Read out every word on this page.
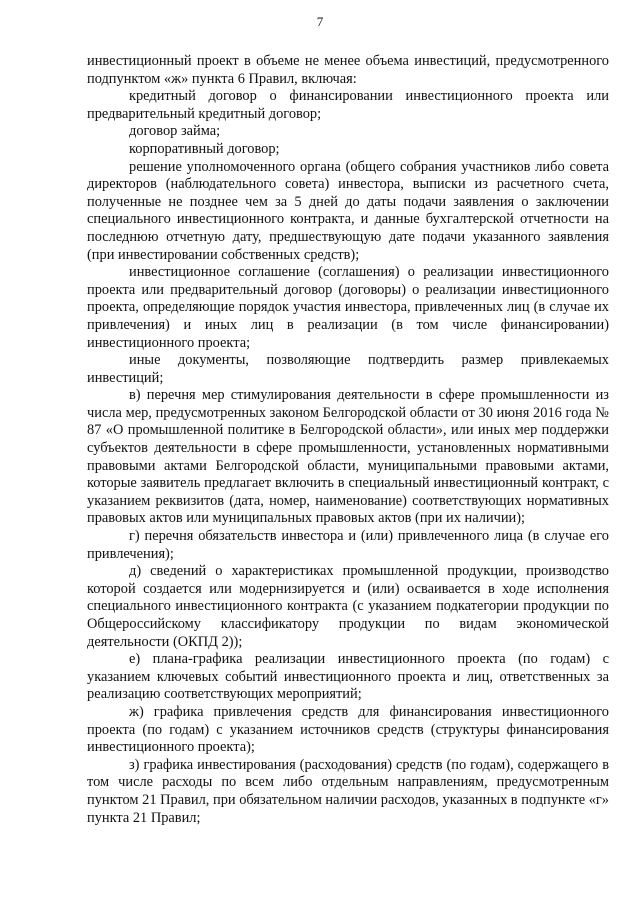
7

инвестиционный проект в объеме не менее объема инвестиций, предусмотренного подпунктом «ж» пункта 6 Правил, включая:

кредитный договор о финансировании инвестиционного проекта или предварительный кредитный договор;

договор займа;

корпоративный договор;

решение уполномоченного органа (общего собрания участников либо совета директоров (наблюдательного совета) инвестора, выписки из расчетного счета, полученные не позднее чем за 5 дней до даты подачи заявления о заключении специального инвестиционного контракта, и данные бухгалтерской отчетности на последнюю отчетную дату, предшествующую дате подачи указанного заявления (при инвестировании собственных средств);

инвестиционное соглашение (соглашения) о реализации инвестиционного проекта или предварительный договор (договоры) о реализации инвестиционного проекта, определяющие порядок участия инвестора, привлеченных лиц (в случае их привлечения) и иных лиц в реализации (в том числе финансировании) инвестиционного проекта;

иные документы, позволяющие подтвердить размер привлекаемых инвестиций;

в) перечня мер стимулирования деятельности в сфере промышленности из числа мер, предусмотренных законом Белгородской области от 30 июня 2016 года № 87 «О промышленной политике в Белгородской области», или иных мер поддержки субъектов деятельности в сфере промышленности, установленных нормативными правовыми актами Белгородской области, муниципальными правовыми актами, которые заявитель предлагает включить в специальный инвестиционный контракт, с указанием реквизитов (дата, номер, наименование) соответствующих нормативных правовых актов или муниципальных правовых актов (при их наличии);

г) перечня обязательств инвестора и (или) привлеченного лица (в случае его привлечения);

д) сведений о характеристиках промышленной продукции, производство которой создается или модернизируется и (или) осваивается в ходе исполнения специального инвестиционного контракта (с указанием подкатегории продукции по Общероссийскому классификатору продукции по видам экономической деятельности (ОКПД 2));

е) плана-графика реализации инвестиционного проекта (по годам) с указанием ключевых событий инвестиционного проекта и лиц, ответственных за реализацию соответствующих мероприятий;

ж) графика привлечения средств для финансирования инвестиционного проекта (по годам) с указанием источников средств (структуры финансирования инвестиционного проекта);

з) графика инвестирования (расходования) средств (по годам), содержащего в том числе расходы по всем либо отдельным направлениям, предусмотренным пунктом 21 Правил, при обязательном наличии расходов, указанных в подпункте «г» пункта 21 Правил;
